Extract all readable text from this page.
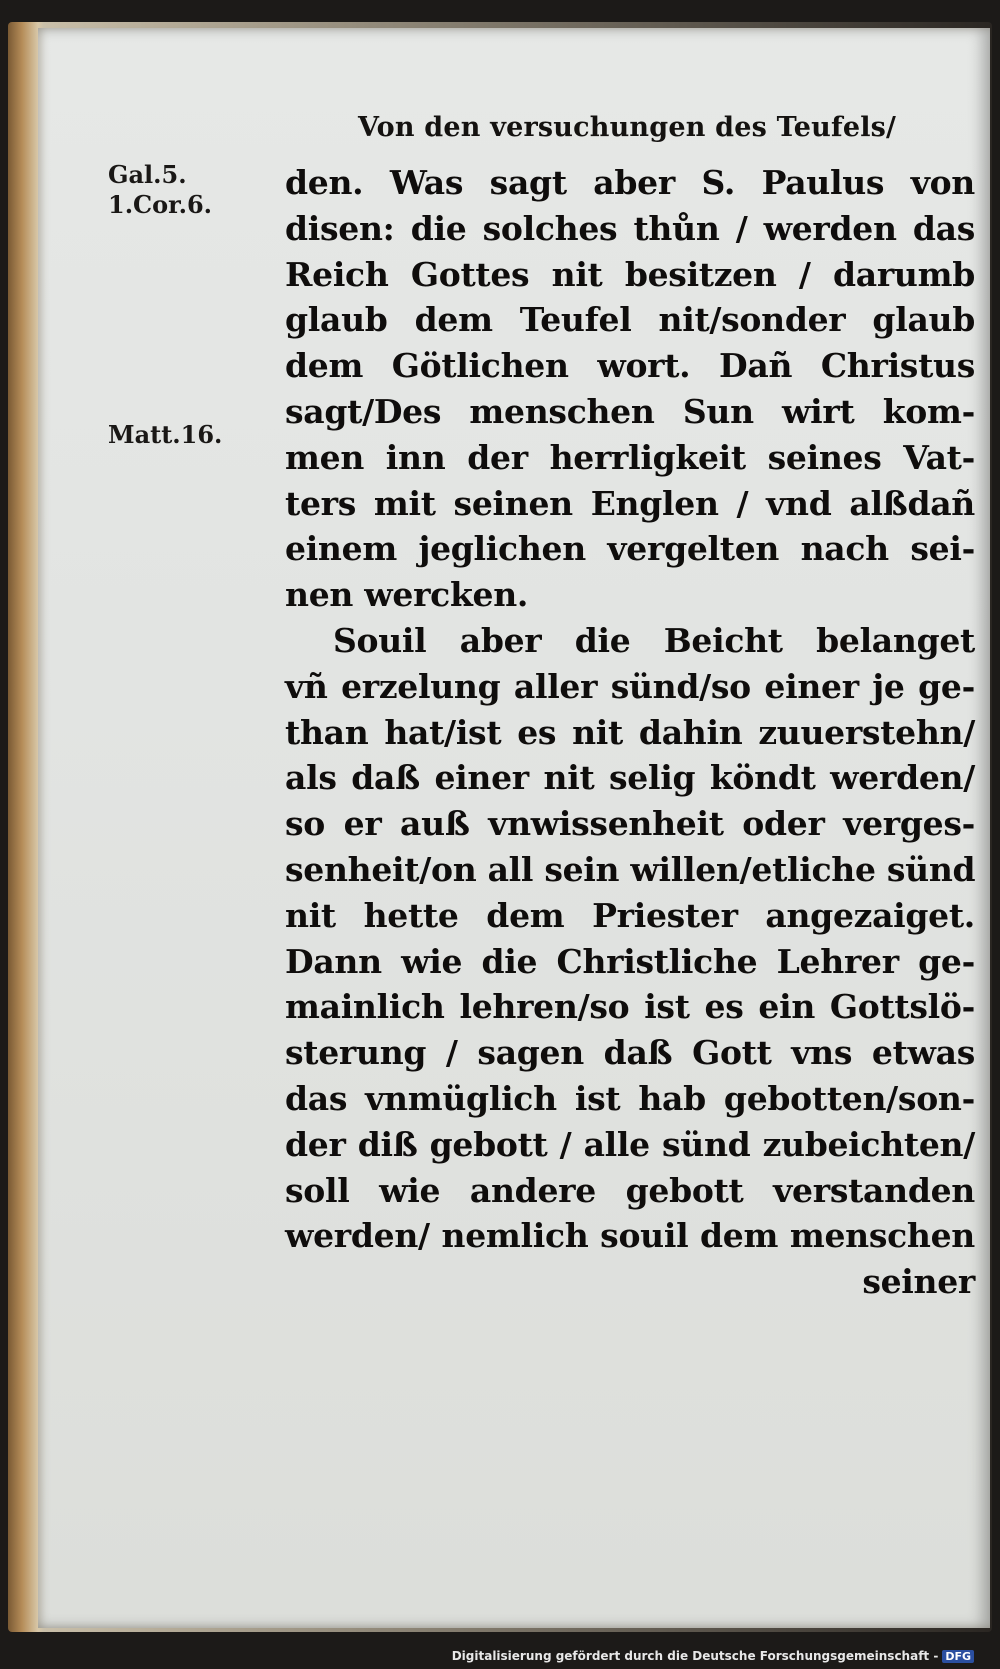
Von den versuchungen des Teufels/
Gal.5.
1.Cor.6.
Matt.16.
den. Was sagt aber S. Paulus von
disen: die solches thůn / werden das
Reich Gottes nit besitzen / darumb
glaub dem Teufel nit/sonder glaub
dem Götlichen wort. Dañ Christus
sagt/Des menschen Sun wirt kom-
men inn der herrligkeit seines Vat-
ters mit seinen Englen / vnd alßdañ
einem jeglichen vergelten nach sei-
nen wercken.
Souil aber die Beicht belanget
vñ erzelung aller sünd/so einer je ge-
than hat/ist es nit dahin zuuerstehn/
als daß einer nit selig köndt werden/
so er auß vnwissenheit oder verges-
senheit/on all sein willen/etliche sünd
nit hette dem Priester angezaiget.
Dann wie die Christliche Lehrer ge-
mainlich lehren/so ist es ein Gottslö-
sterung / sagen daß Gott vns etwas
das vnmüglich ist hab gebotten/son-
der diß gebott / alle sünd zubeichten/
soll wie andere gebott verstanden
werden/ nemlich souil dem menschen
seiner
Digitalisierung gefördert durch die Deutsche Forschungsgemeinschaft - DFG
